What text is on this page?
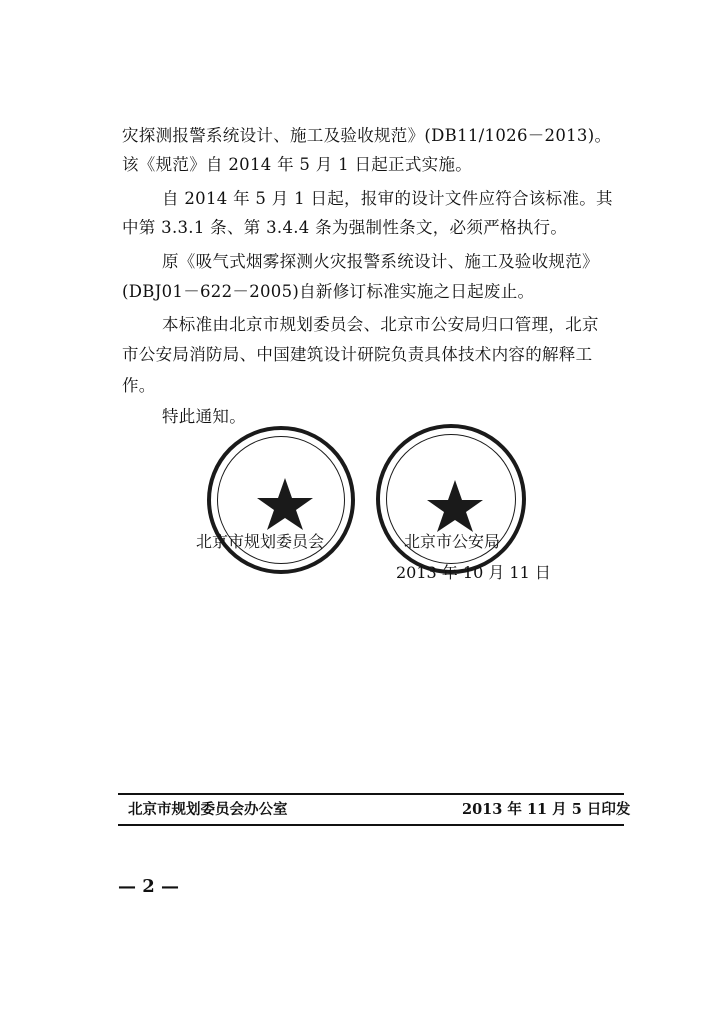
灾探测报警系统设计、施工及验收规范》(DB11/1026－2013)。
该《规范》自 2014 年 5 月 1 日起正式实施。
自 2014 年 5 月 1 日起，报审的设计文件应符合该标准。其
中第 3.3.1 条、第 3.4.4 条为强制性条文，必须严格执行。
原《吸气式烟雾探测火灾报警系统设计、施工及验收规范》
(DBJ01－622－2005)自新修订标准实施之日起废止。
本标准由北京市规划委员会、北京市公安局归口管理，北京
市公安局消防局、中国建筑设计研院负责具体技术内容的解释工
作。
特此通知。
北京市规划委员会	北京市公安局
2013 年 10 月 11 日
北京市规划委员会办公室	2013 年 11 月 5 日印发
— 2 —
